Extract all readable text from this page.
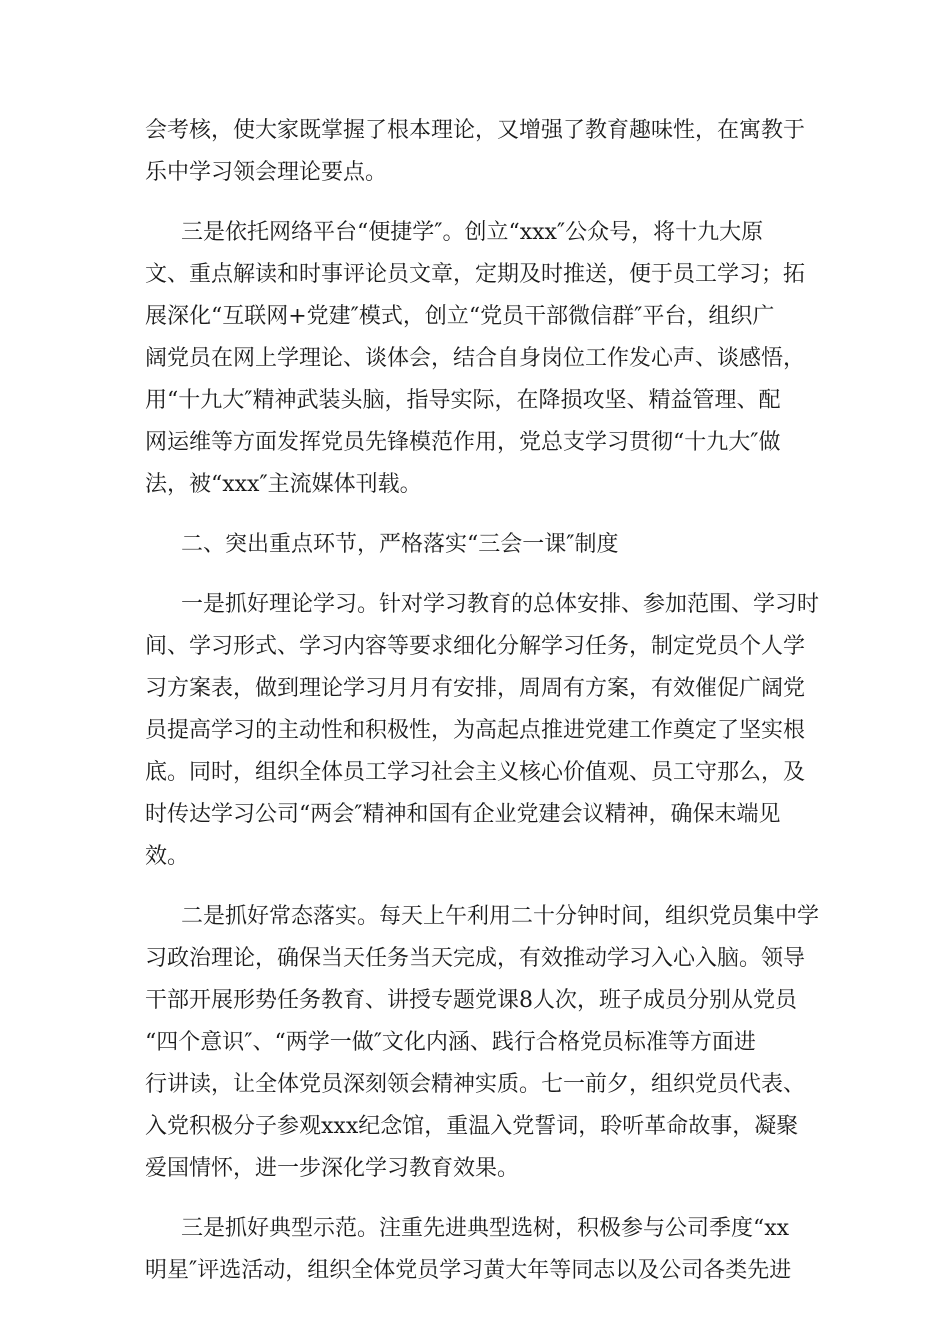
会考核，使大家既掌握了根本理论，又增强了教育趣味性，在寓教于
乐中学习领会理论要点。
三是依托网络平台“便捷学″。创立“xxx″公众号，将十九大原
文、重点解读和时事评论员文章，定期及时推送，便于员工学习；拓
展深化“互联网+党建″模式，创立“党员干部微信群″平台，组织广
阔党员在网上学理论、谈体会，结合自身岗位工作发心声、谈感悟，
用“十九大″精神武装头脑，指导实际，在降损攻坚、精益管理、配
网运维等方面发挥党员先锋模范作用，党总支学习贯彻“十九大″做
法，被“xxx″主流媒体刊载。
二、突出重点环节，严格落实“三会一课″制度
一是抓好理论学习。针对学习教育的总体安排、参加范围、学习时
间、学习形式、学习内容等要求细化分解学习任务，制定党员个人学
习方案表，做到理论学习月月有安排，周周有方案，有效催促广阔党
员提高学习的主动性和积极性，为高起点推进党建工作奠定了坚实根
底。同时，组织全体员工学习社会主义核心价值观、员工守那么，及
时传达学习公司“两会″精神和国有企业党建会议精神，确保末端见
效。
二是抓好常态落实。每天上午利用二十分钟时间，组织党员集中学
习政治理论，确保当天任务当天完成，有效推动学习入心入脑。领导
干部开展形势任务教育、讲授专题党课8人次，班子成员分别从党员
“四个意识″、“两学一做″文化内涵、践行合格党员标准等方面进
行讲读，让全体党员深刻领会精神实质。七一前夕，组织党员代表、
入党积极分子参观xxx纪念馆，重温入党誓词，聆听革命故事，凝聚
爱国情怀，进一步深化学习教育效果。
三是抓好典型示范。注重先进典型选树，积极参与公司季度“xx
明星″评选活动，组织全体党员学习黄大年等同志以及公司各类先进
